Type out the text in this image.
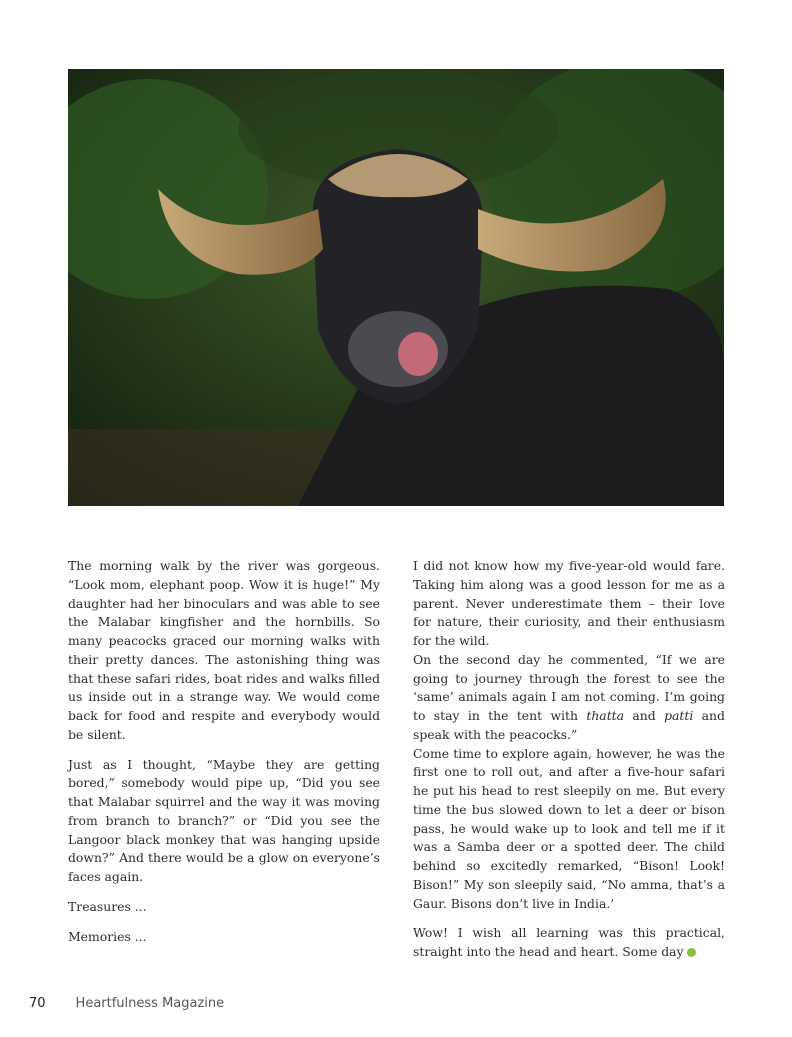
The morning walk by the river was gorgeous. “Look mom, elephant poop. Wow it is huge!” My daughter had her binoculars and was able to see the Malabar kingfisher and the hornbills. So many peacocks graced our morning walks with their pretty dances. The astonishing thing was that these safari rides, boat rides and walks filled us inside out in a strange way. We would come back for food and respite and everybody would be silent.

Just as I thought, “Maybe they are getting bored,” somebody would pipe up, “Did you see that Malabar squirrel and the way it was moving from branch to branch?” or “Did you see the Langoor black monkey that was hanging upside down?” And there would be a glow on everyone’s faces again.

Treasures ...

Memories ...

I did not know how my five-year-old would fare. Taking him along was a good lesson for me as a parent. Never underestimate them – their love for nature, their curiosity, and their enthusiasm for the wild.

On the second day he commented, “If we are going to journey through the forest to see the ‘same’ animals again I am not coming. I’m going to stay in the tent with thatta and patti and speak with the peacocks.”

Come time to explore again, however, he was the first one to roll out, and after a five-hour safari he put his head to rest sleepily on me. But every time the bus slowed down to let a deer or bison pass, he would wake up to look and tell me if it was a Samba deer or a spotted deer. The child behind so excitedly remarked, “Bison! Look! Bison!” My son sleepily said, “No amma, that’s a Gaur. Bisons don’t live in India.’

Wow! I wish all learning was this practical, straight into the head and heart. Some day

70 Heartfulness Magazine
